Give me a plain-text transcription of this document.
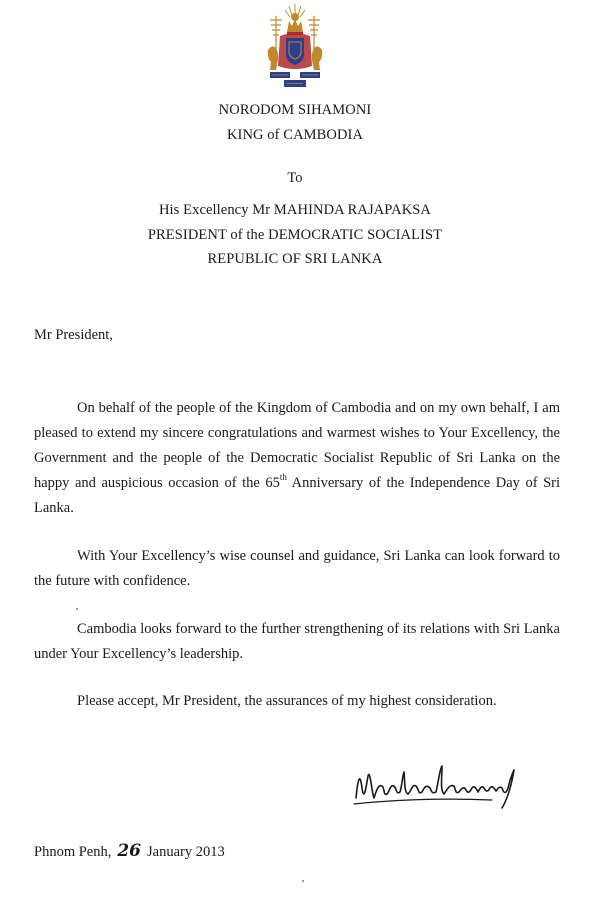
NORODOM SIHAMONI
KING of CAMBODIA
To
His Excellency Mr MAHINDA RAJAPAKSA
PRESIDENT of the DEMOCRATIC SOCIALIST
REPUBLIC OF SRI LANKA
Mr President,
On behalf of the people of the Kingdom of Cambodia and on my own behalf, I am pleased to extend my sincere congratulations and warmest wishes to Your Excellency, the Government and the people of the Democratic Socialist Republic of Sri Lanka on the happy and auspicious occasion of the 65th Anniversary of the Independence Day of Sri Lanka.
With Your Excellency’s wise counsel and guidance, Sri Lanka can look forward to the future with confidence.
Cambodia looks forward to the further strengthening of its relations with Sri Lanka under Your Excellency’s leadership.
Please accept, Mr President, the assurances of my highest consideration.
Phnom Penh, 26 January 2013
